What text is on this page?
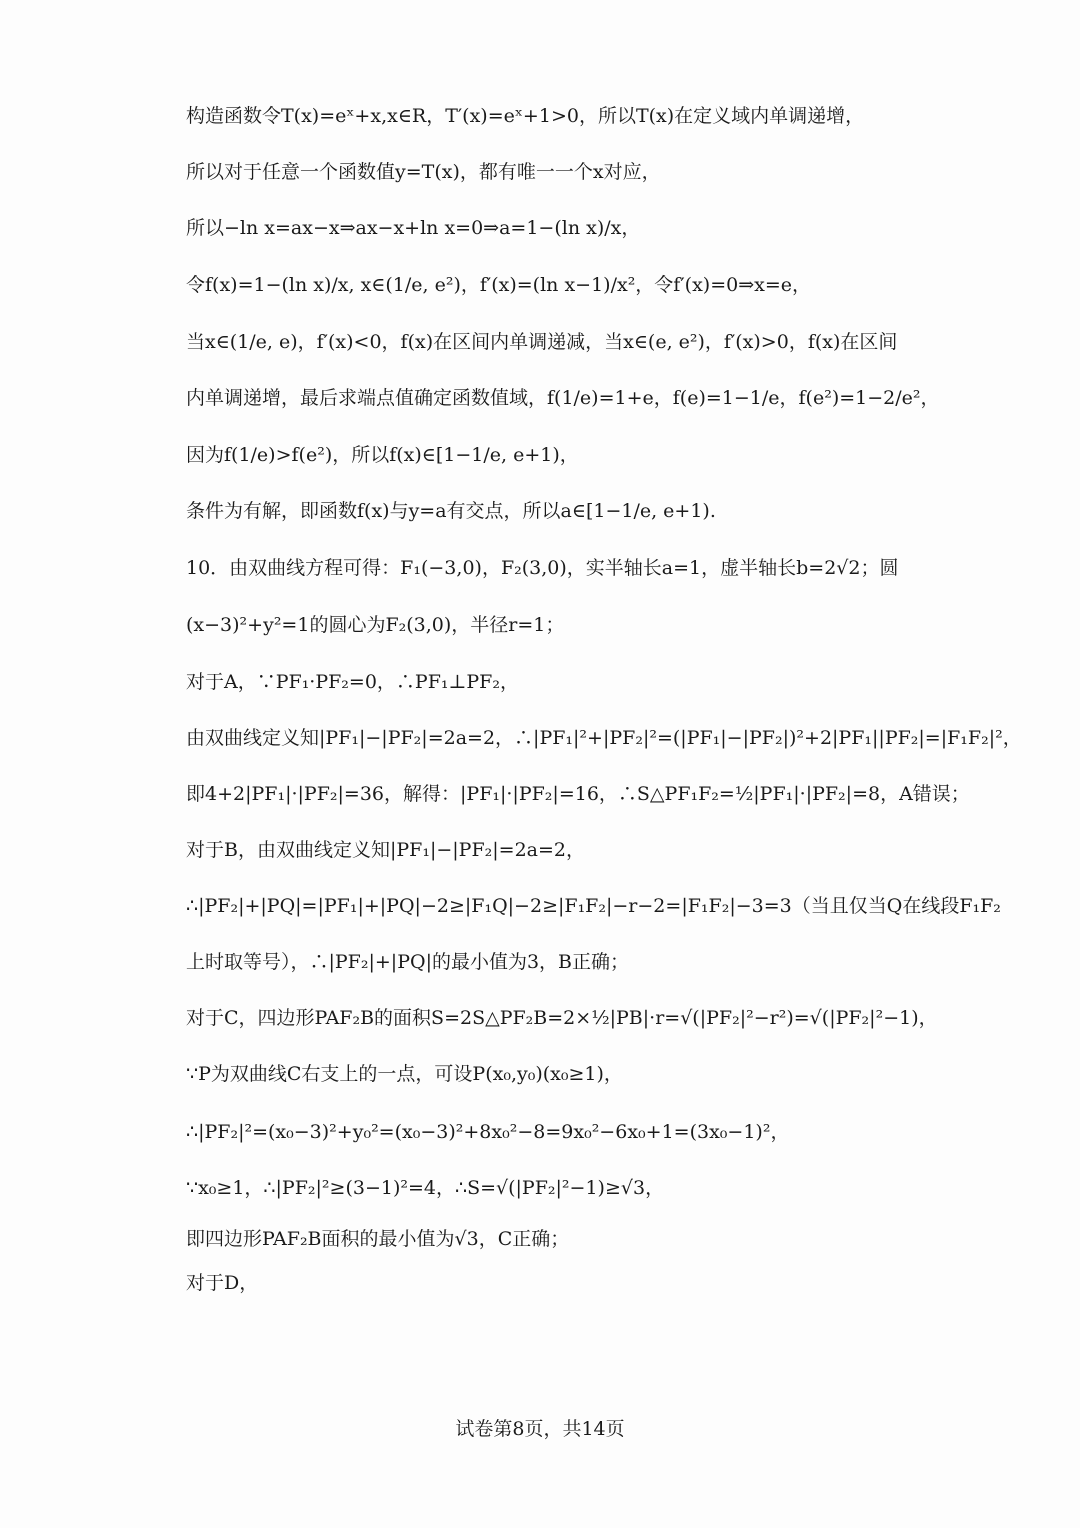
构造函数令T(x)=eˣ+x,x∈R，T′(x)=eˣ+1>0，所以T(x)在定义域内单调递增，
所以对于任意一个函数值y=T(x)，都有唯一一个x对应，
所以−ln x=ax−x⇒ax−x+ln x=0⇒a=1−(ln x)/x，
令f(x)=1−(ln x)/x, x∈(1/e, e²)，f′(x)=(ln x−1)/x²，令f′(x)=0⇒x=e，
当x∈(1/e, e)，f′(x)<0，f(x)在区间内单调递减，当x∈(e, e²)，f′(x)>0，f(x)在区间
内单调递增，最后求端点值确定函数值域，f(1/e)=1+e，f(e)=1−1/e，f(e²)=1−2/e²，
因为f(1/e)>f(e²)，所以f(x)∈[1−1/e, e+1)，
条件为有解，即函数f(x)与y=a有交点，所以a∈[1−1/e, e+1).
10．由双曲线方程可得：F₁(−3,0)，F₂(3,0)，实半轴长a=1，虚半轴长b=2√2；圆
(x−3)²+y²=1的圆心为F₂(3,0)，半径r=1；
对于A，∵PF₁·PF₂=0，∴PF₁⊥PF₂，
由双曲线定义知|PF₁|−|PF₂|=2a=2，∴|PF₁|²+|PF₂|²=(|PF₁|−|PF₂|)²+2|PF₁||PF₂|=|F₁F₂|²，
即4+2|PF₁|·|PF₂|=36，解得：|PF₁|·|PF₂|=16，∴S△PF₁F₂=½|PF₁|·|PF₂|=8，A错误；
对于B，由双曲线定义知|PF₁|−|PF₂|=2a=2，
∴|PF₂|+|PQ|=|PF₁|+|PQ|−2≥|F₁Q|−2≥|F₁F₂|−r−2=|F₁F₂|−3=3（当且仅当Q在线段F₁F₂
上时取等号），∴|PF₂|+|PQ|的最小值为3，B正确；
对于C，四边形PAF₂B的面积S=2S△PF₂B=2×½|PB|·r=√(|PF₂|²−r²)=√(|PF₂|²−1)，
∵P为双曲线C右支上的一点，可设P(x₀,y₀)(x₀≥1)，
∴|PF₂|²=(x₀−3)²+y₀²=(x₀−3)²+8x₀²−8=9x₀²−6x₀+1=(3x₀−1)²，
∵x₀≥1，∴|PF₂|²≥(3−1)²=4，∴S=√(|PF₂|²−1)≥√3，
即四边形PAF₂B面积的最小值为√3，C正确；
对于D，
试卷第8页，共14页
